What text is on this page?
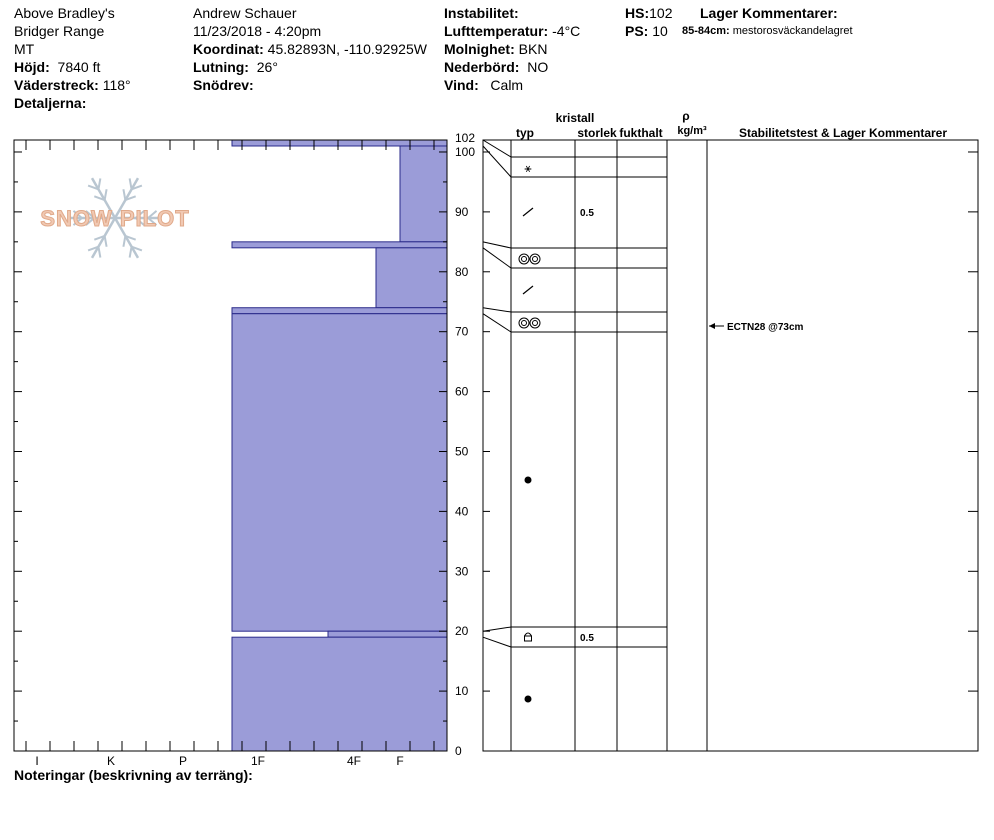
Above Bradley's
Bridger Range
MT
Höjd: 7840 ft
Väderstreck: 118°
Detaljerna:
Andrew Schauer
11/23/2018 - 4:20pm
Koordinat: 45.82893N, -110.92925W
Lutning: 26°
Snödrev:
Instabilitet:
Lufttemperatur: -4°C
Molnighet: BKN
Nederbörd: NO
Vind: Calm
HS:102
PS: 10
Lager Kommentarer:
85-84cm: mestorosväckandelagret
SNOW PILOT
I	K	P	1F	4F	F
0
10
20
30
40
50
60
70
80
90
100
102
kristall
typ	storlek fukthalt
ρ
kg/m³	Stabilitetstest & Lager Kommentarer
⚹
0.5
0.5
ECTN28 @73cm
Noteringar (beskrivning av terräng):
